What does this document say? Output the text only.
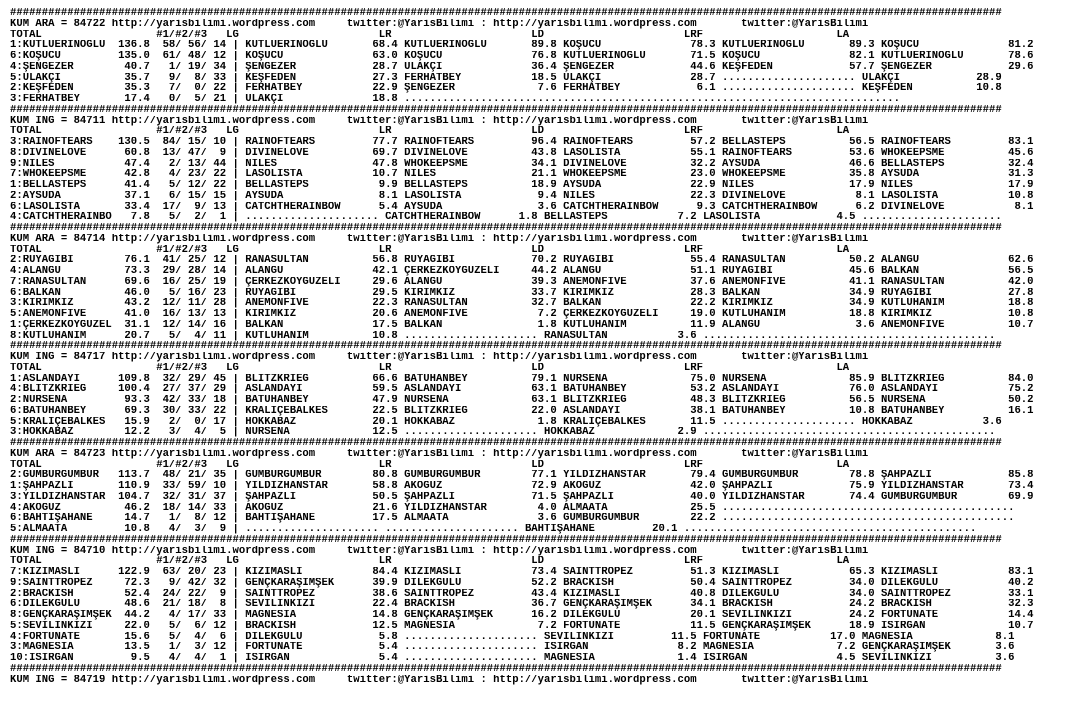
############################################################################################################################################################
KUM ARA = 84722 http://yarisbilimi.wordpress.com     twitter:@YarisBilimi : http://yarisbilimi.wordpress.com       twitter:@YarisBilimi
TOTAL                  #1/#2/#3   LG                      LR                      LD                      LRF                     LA
1:KUTLUERİNOĞLU  136.8  58/ 56/ 14 | KUTLUERİNOĞLU       68.4 KUTLUERİNOĞLU       89.8 KOŞUCU              78.3 KUTLUERİNOĞLU       89.3 KOŞUCU              81.2
6:KOŞUCU         135.0  61/ 48/ 12 | KOŞUCU              63.0 KOŞUCU              76.8 KUTLUERİNOĞLU       71.5 KOŞUCU              82.1 KUTLUERİNOĞLU       78.6
4:ŞENGEZER        40.7   1/ 19/ 34 | ŞENGEZER            28.7 ULAKÇI              36.4 ŞENGEZER            44.6 KEŞFEDEN            57.7 ŞENGEZER            29.6
5:ULAKÇI          35.7   9/  8/ 33 | KEŞFEDEN            27.3 FERHATBEY           18.5 ULAKÇI              28.7 ..................... ULAKÇI            28.9
2:KEŞFEDEN        35.3   7/  0/ 22 | FERHATBEY           22.9 ŞENGEZER             7.6 FERHATBEY            6.1 ..................... KEŞFEDEN          10.8
3:FERHATBEY       17.4   0/  5/ 21 | ULAKÇI              18.8 ..............................................................................
############################################################################################################################################################
KUM ING = 84711 http://yarisbilimi.wordpress.com     twitter:@YarisBilimi : http://yarisbilimi.wordpress.com       twitter:@YarisBilimi
TOTAL                  #1/#2/#3   LG                      LR                      LD                      LRF                     LA
3:RAINOFTEARS    130.5  84/ 15/ 10 | RAINOFTEARS         77.7 RAINOFTEARS         96.4 RAINOFTEARS         57.2 BELLASTEPS          56.5 RAINOFTEARS         83.1
8:DIVINELOVE      60.8  13/ 47/  9 | DIVINELOVE          69.7 DIVINELOVE          43.8 LASOLISTA           55.1 RAINOFTEARS         53.6 WHOKEEPSME          45.6
9:NILES           47.4   2/ 13/ 44 | NILES               47.8 WHOKEEPSME          34.1 DIVINELOVE          32.2 AYSUDA              46.6 BELLASTEPS          32.4
7:WHOKEEPSME      42.8   4/ 23/ 22 | LASOLISTA           10.7 NILES               21.1 WHOKEEPSME          23.0 WHOKEEPSME          35.8 AYSUDA              31.3
1:BELLASTEPS      41.4   5/ 12/ 22 | BELLASTEPS           9.9 BELLASTEPS          18.9 AYSUDA              22.9 NILES               17.9 NILES               17.9
2:AYSUDA          37.1   6/ 15/ 15 | AYSUDA               8.1 LASOLISTA            9.4 NILES               22.3 DIVINELOVE           8.1 LASOLISTA           10.8
6:LASOLISTA       33.4  17/  9/ 13 | CATCHTHERAINBOW      5.4 AYSUDA               3.6 CATCHTHERAINBOW      9.3 CATCHTHERAINBOW      6.2 DIVINELOVE           8.1
4:CATCHTHERAINBO   7.8   5/  2/  1 | ..................... CATCHTHERAINBOW      1.8 BELLASTEPS           7.2 LASOLISTA            4.5 ......................
############################################################################################################################################################
KUM ARA = 84714 http://yarisbilimi.wordpress.com     twitter:@YarisBilimi : http://yarisbilimi.wordpress.com       twitter:@YarisBilimi
TOTAL                  #1/#2/#3   LG                      LR                      LD                      LRF                     LA
2:RÜYAGİBİ        76.1  41/ 25/ 12 | RANASULTAN          56.8 RÜYAGİBİ            70.2 RÜYAGİBİ            55.4 RANASULTAN          50.2 ALANGU              62.6
4:ALANGU          73.3  29/ 28/ 14 | ALANGU              42.1 ÇERKEZKÖYGÜZELİ     44.2 ALANGU              51.1 RÜYAGİBİ            45.6 BALKAN              56.5
7:RANASULTAN      69.6  16/ 25/ 19 | ÇERKEZKÖYGÜZELİ     29.6 ALANGU              39.3 ANEMONFIVE          37.6 ANEMONFIVE          41.1 RANASULTAN          42.0
6:BALKAN          46.0   5/ 16/ 23 | RÜYAGİBİ            29.5 KIRIMKIZ            33.7 KIRIMKIZ            28.3 BALKAN              34.9 RÜYAGİBİ            27.8
3:KIRIMKIZ        43.2  12/ 11/ 28 | ANEMONFIVE          22.3 RANASULTAN          32.7 BALKAN              22.2 KIRIMKIZ            34.9 KUTLUHANIM          18.8
5:ANEMONFIVE      41.0  16/ 13/ 13 | KIRIMKIZ            20.6 ANEMONFIVE           7.2 ÇERKEZKÖYGÜZELİ     19.0 KUTLUHANIM          18.8 KIRIMKIZ            10.8
1:ÇERKEZKÖYGÜZEL  31.1  12/ 14/ 16 | BALKAN              17.5 BALKAN               1.8 KUTLUHANIM          11.9 ALANGU               3.6 ANEMONFIVE          10.7
8:KUTLUHANIM      20.7   5/  4/ 11 | KUTLUHANIM          10.8 ..................... RANASULTAN           3.6 ..............................................
############################################################################################################################################################
KUM ING = 84717 http://yarisbilimi.wordpress.com     twitter:@YarisBilimi : http://yarisbilimi.wordpress.com       twitter:@YarisBilimi
TOTAL                  #1/#2/#3   LG                      LR                      LD                      LRF                     LA
1:ASLANDAYI      109.8  32/ 29/ 45 | BLITZKRIEG          66.6 BATUHANBEY          79.1 NURSENA             75.0 NURSENA             85.9 BLITZKRIEG          84.0
4:BLITZKRIEG     100.4  27/ 37/ 29 | ASLANDAYI           59.5 ASLANDAYI           63.1 BATUHANBEY          53.2 ASLANDAYI           76.0 ASLANDAYI           75.2
2:NURSENA         93.3  42/ 33/ 18 | BATUHANBEY          47.9 NURSENA             63.1 BLITZKRIEG          48.3 BLITZKRIEG          56.5 NURSENA             50.2
6:BATUHANBEY      69.3  30/ 33/ 22 | KRALİÇEBALKES       22.5 BLITZKRIEG          22.0 ASLANDAYI           38.1 BATUHANBEY          10.8 BATUHANBEY          16.1
5:KRALİÇEBALKES   15.9   2/  0/ 17 | HOKKABAZ            20.1 HOKKABAZ             1.8 KRALİÇEBALKES       11.5 ..................... HOKKABAZ           3.6
3:HOKKABAZ        12.2   3/  4/  5 | NURSENA             12.5 ..................... HOKKABAZ             2.9 ..............................................
############################################################################################################################################################
KUM ARA = 84723 http://yarisbilimi.wordpress.com     twitter:@YarisBilimi : http://yarisbilimi.wordpress.com       twitter:@YarisBilimi
TOTAL                  #1/#2/#3   LG                      LR                      LD                      LRF                     LA
2:GÜMBÜRGÜMBÜR   113.7  48/ 21/ 35 | GÜMBÜRGÜMBÜR        80.8 GÜMBÜRGÜMBÜR        77.1 YILDIZHANSTAR       79.4 GÜMBÜRGÜMBÜR        78.8 ŞAHPAZLI            85.8
1:ŞAHPAZLI       110.9  33/ 59/ 10 | YILDIZHANSTAR       58.8 AKOĞUZ              72.9 AKOĞUZ              42.0 ŞAHPAZLI            75.9 YILDIZHANSTAR       73.4
3:YILDIZHANSTAR  104.7  32/ 31/ 37 | ŞAHPAZLI            50.5 ŞAHPAZLI            71.5 ŞAHPAZLI            40.0 YILDIZHANSTAR       74.4 GÜMBÜRGÜMBÜR        69.9
4:AKOĞUZ          46.2  18/ 14/ 33 | AKOĞUZ              21.6 YILDIZHANSTAR        4.0 ALMAATA             25.5 ..............................................
6:BAHTİŞAHANE     14.7   1/  8/ 12 | BAHTİŞAHANE         17.5 ALMAATA              3.6 GÜMBÜRGÜMBÜR        22.2 ..............................................
5:ALMAATA         10.8   4/  3/  9 | ..................... ..................... BAHTİŞAHANE         20.1 ..............................................
############################################################################################################################################################
KUM ING = 84710 http://yarisbilimi.wordpress.com     twitter:@YarisBilimi : http://yarisbilimi.wordpress.com       twitter:@YarisBilimi
TOTAL                  #1/#2/#3   LG                      LR                      LD                      LRF                     LA
7:KIZIMASLI      122.9  63/ 20/ 23 | KIZIMASLI           84.4 KIZIMASLI           73.4 SAINTTROPEZ         51.3 KIZIMASLI           65.3 KIZIMASLI           83.1
9:SAINTTROPEZ     72.3   9/ 42/ 32 | GENÇKARAŞİMŞEK      39.9 DİLEKGÜLÜ           52.2 BRACKISH            50.4 SAINTTROPEZ         34.0 DİLEKGÜLÜ           40.2
2:BRACKISH        52.4  24/ 22/  9 | SAINTTROPEZ         38.6 SAINTTROPEZ         43.4 KIZIMASLI           40.8 DİLEKGÜLÜ           34.0 SAINTTROPEZ         33.1
6:DİLEKGÜLÜ       48.6  21/ 18/  8 | SEVİLİNKIZI         22.4 BRACKISH            36.7 GENÇKARAŞİMŞEK      34.1 BRACKISH            24.2 BRACKISH            32.3
8:GENÇKARAŞİMŞEK  44.2   4/ 17/ 33 | MAGNESIA            14.8 GENÇKARAŞİMŞEK      16.2 DİLEKGÜLÜ           20.1 SEVİLİNKIZI         24.2 FORTUNATE           14.4
5:SEVİLİNKIZI     22.0   5/  6/ 12 | BRACKISH            12.5 MAGNESIA             7.2 FORTUNATE           11.5 GENÇKARAŞİMŞEK      18.9 ISIRGAN             10.7
4:FORTUNATE       15.6   5/  4/  6 | DİLEKGÜLÜ            5.8 ..................... SEVİLİNKIZI         11.5 FORTUNATE           17.0 MAGNESIA             8.1
3:MAGNESIA        13.5   1/  3/ 12 | FORTUNATE            5.4 ..................... ISIRGAN              8.2 MAGNESIA             7.2 GENÇKARAŞİMŞEK       3.6
10:ISIRGAN         9.5   4/  4/  1 | ISIRGAN              5.4 ..................... MAGNESIA             1.4 ISIRGAN              4.5 SEVİLİNKIZI          3.6
############################################################################################################################################################
KUM ING = 84719 http://yarisbilimi.wordpress.com     twitter:@YarisBilimi : http://yarisbilimi.wordpress.com       twitter:@YarisBilimi
